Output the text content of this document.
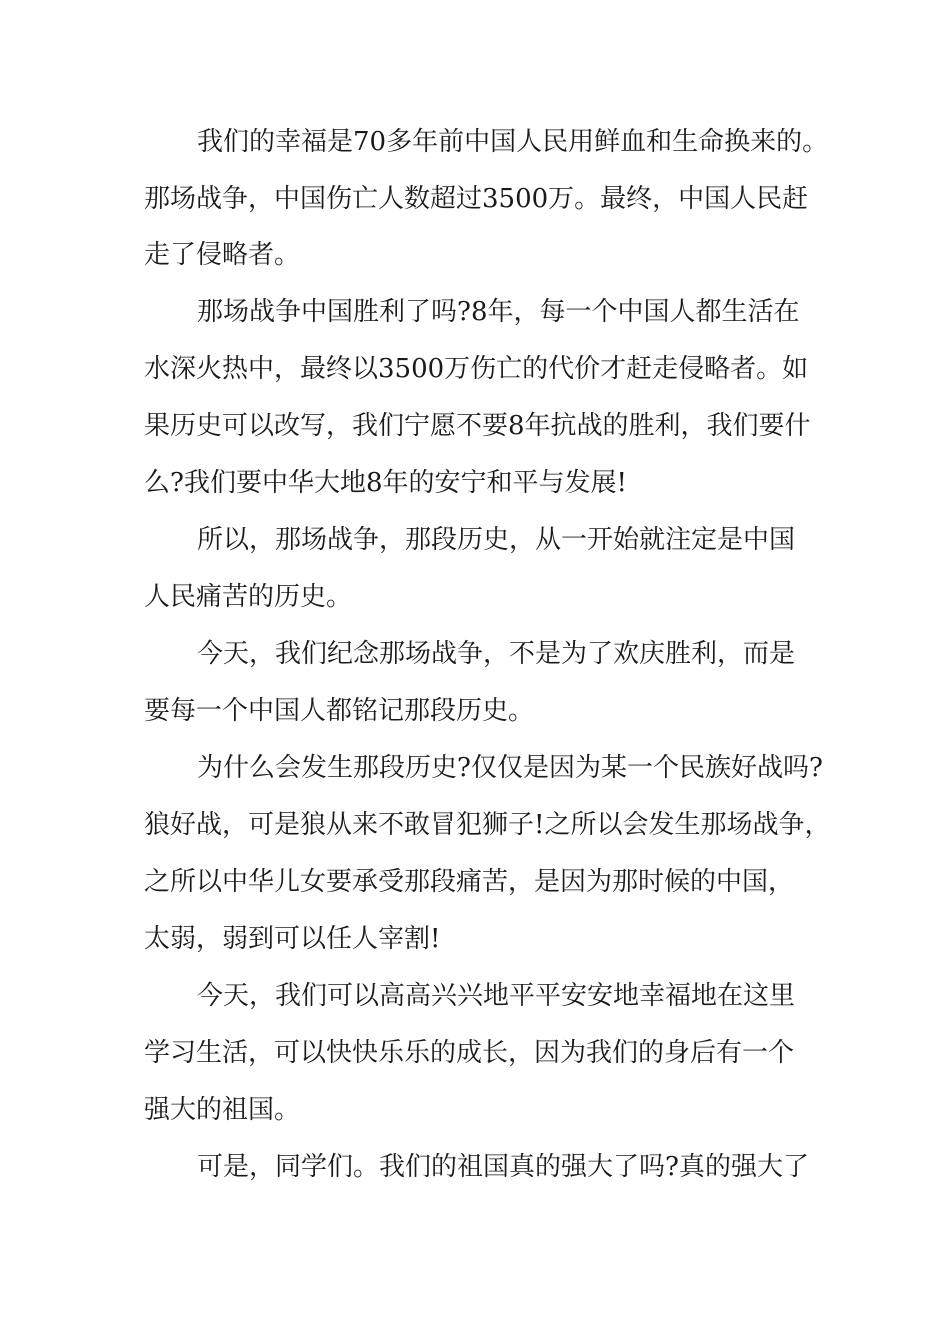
我们的幸福是70多年前中国人民用鲜血和生命换来的。
那场战争，中国伤亡人数超过3500万。最终，中国人民赶
走了侵略者。
那场战争中国胜利了吗?8年，每一个中国人都生活在
水深火热中，最终以3500万伤亡的代价才赶走侵略者。如
果历史可以改写，我们宁愿不要8年抗战的胜利，我们要什
么?我们要中华大地8年的安宁和平与发展!
所以，那场战争，那段历史，从一开始就注定是中国
人民痛苦的历史。
今天，我们纪念那场战争，不是为了欢庆胜利，而是
要每一个中国人都铭记那段历史。
为什么会发生那段历史?仅仅是因为某一个民族好战吗?
狼好战，可是狼从来不敢冒犯狮子!之所以会发生那场战争，
之所以中华儿女要承受那段痛苦，是因为那时候的中国，
太弱，弱到可以任人宰割!
今天，我们可以高高兴兴地平平安安地幸福地在这里
学习生活，可以快快乐乐的成长，因为我们的身后有一个
强大的祖国。
可是，同学们。我们的祖国真的强大了吗?真的强大了
